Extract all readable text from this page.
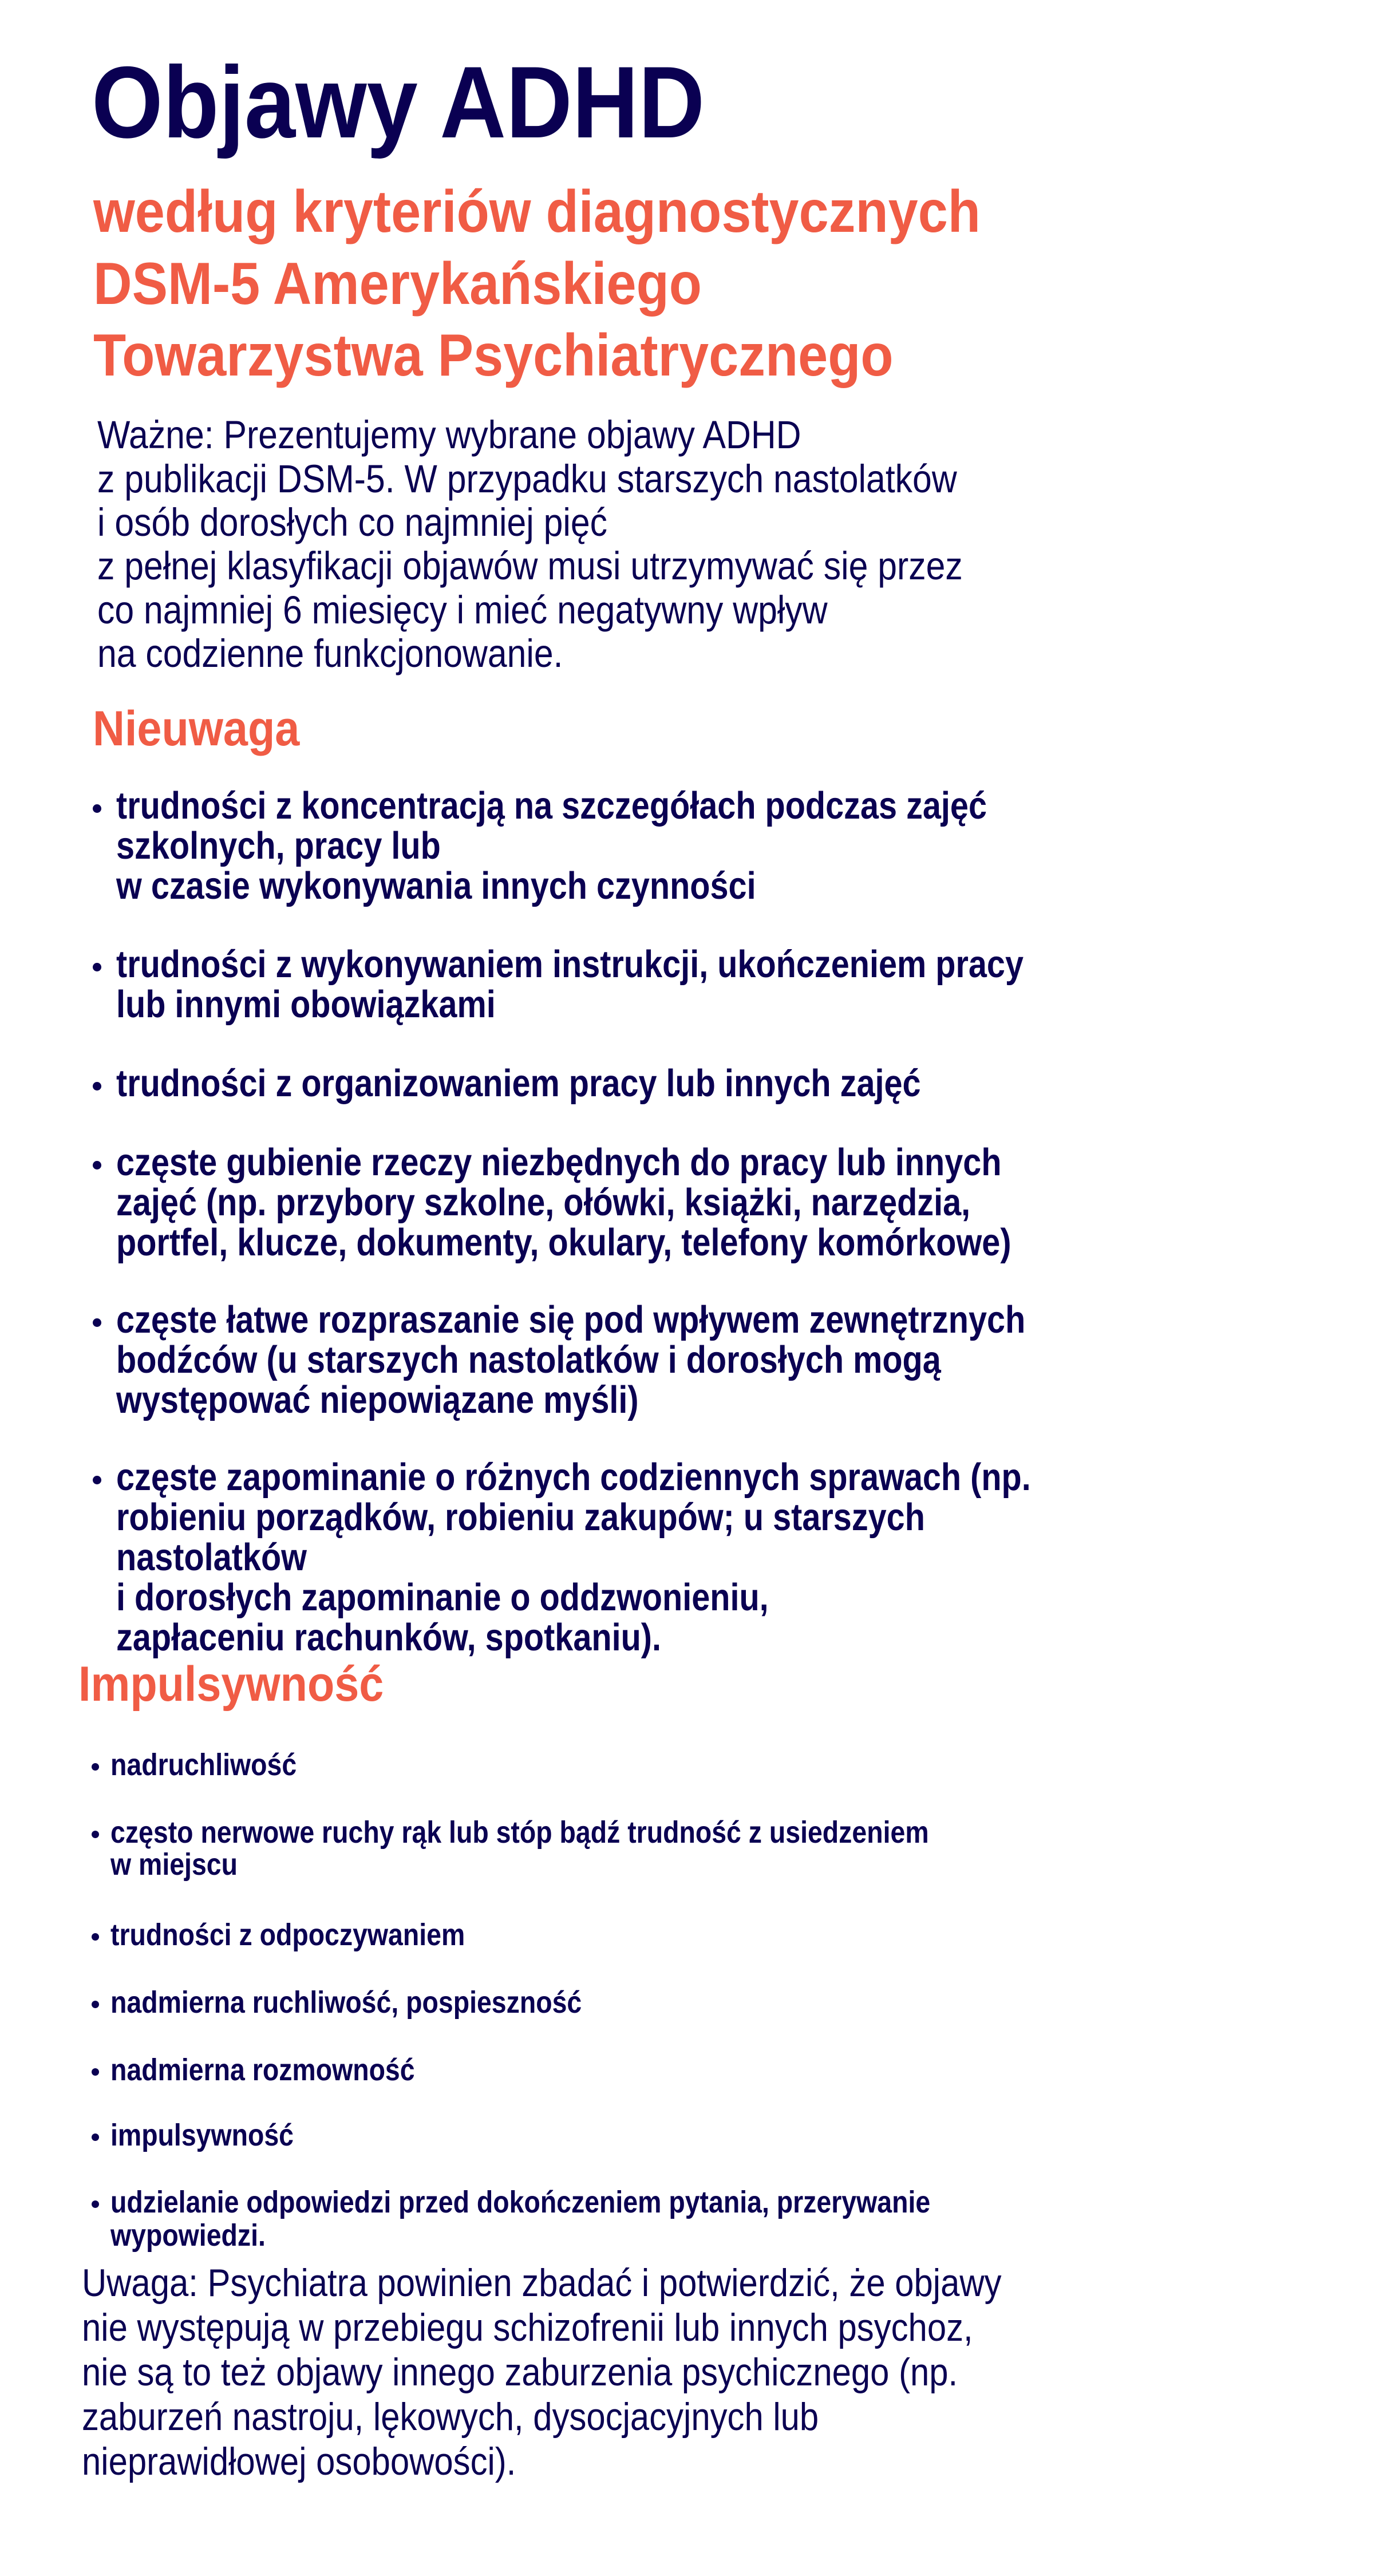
Objawy ADHD
według kryteriów diagnostycznych
DSM-5 Amerykańskiego
Towarzystwa Psychiatrycznego
Ważne: Prezentujemy wybrane objawy ADHD
z publikacji DSM-5. W przypadku starszych nastolatków
i osób dorosłych co najmniej pięć
z pełnej klasyfikacji objawów musi utrzymywać się przez
co najmniej 6 miesięcy i mieć negatywny wpływ
na codzienne funkcjonowanie.
Nieuwaga
trudności z koncentracją na szczegółach podczas zajęć
szkolnych, pracy lub
w czasie wykonywania innych czynności
trudności z wykonywaniem instrukcji, ukończeniem pracy
lub innymi obowiązkami
trudności z organizowaniem pracy lub innych zajęć
częste gubienie rzeczy niezbędnych do pracy lub innych
zajęć (np. przybory szkolne, ołówki, książki, narzędzia,
portfel, klucze, dokumenty, okulary, telefony komórkowe)
częste łatwe rozpraszanie się pod wpływem zewnętrznych
bodźców (u starszych nastolatków i dorosłych mogą
występować niepowiązane myśli)
częste zapominanie o różnych codziennych sprawach (np.
robieniu porządków, robieniu zakupów; u starszych
nastolatków
i dorosłych zapominanie o oddzwonieniu,
zapłaceniu rachunków, spotkaniu).
Impulsywność
nadruchliwość
często nerwowe ruchy rąk lub stóp bądź trudność z usiedzeniem
w miejscu
trudności z odpoczywaniem
nadmierna ruchliwość, pospieszność
nadmierna rozmowność
impulsywność
udzielanie odpowiedzi przed dokończeniem pytania, przerywanie
wypowiedzi.
Uwaga: Psychiatra powinien zbadać i potwierdzić, że objawy
nie występują w przebiegu schizofrenii lub innych psychoz,
nie są to też objawy innego zaburzenia psychicznego (np.
zaburzeń nastroju, lękowych, dysocjacyjnych lub
nieprawidłowej osobowości).
